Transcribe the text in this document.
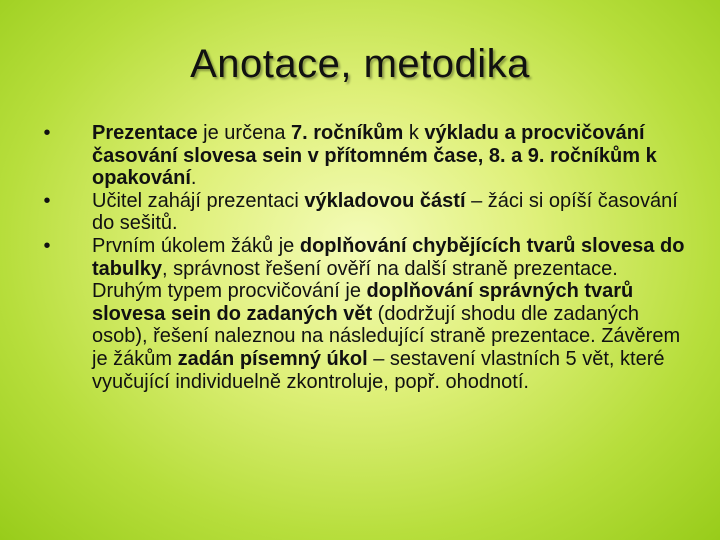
Anotace, metodika
• Prezentace je určena 7. ročníkům k výkladu a procvičování časování slovesa sein v přítomném čase, 8. a 9. ročníkům k opakování.
• Učitel zahájí prezentaci výkladovou částí – žáci si opíší časování do sešitů.
• Prvním úkolem žáků je doplňování chybějících tvarů slovesa do tabulky, správnost řešení ověří na další straně prezentace. Druhým typem procvičování je doplňování správných tvarů slovesa sein do zadaných vět (dodržují shodu dle zadaných osob), řešení naleznou na následující straně prezentace. Závěrem je žákům zadán písemný úkol – sestavení vlastních 5 vět, které vyučující individuelně zkontroluje, popř. ohodnotí.
